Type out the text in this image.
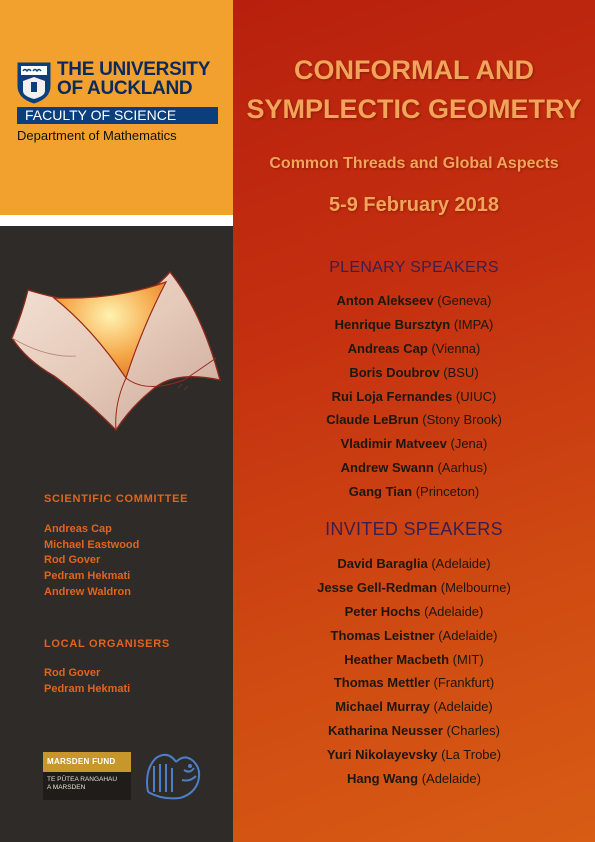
THE UNIVERSITY
OF AUCKLAND
FACULTY OF SCIENCE
Department of Mathematics
SCIENTIFIC COMMITTEE
Andreas Cap
Michael Eastwood
Rod Gover
Pedram Hekmati
Andrew Waldron
LOCAL ORGANISERS
Rod Gover
Pedram Hekmati
MARSDEN FUND
TE PŪTEA RANGAHAU
A MARSDEN
CONFORMAL AND
SYMPLECTIC GEOMETRY
Common Threads and Global Aspects
5-9 February 2018
PLENARY SPEAKERS
Anton Alekseev (Geneva)
Henrique Bursztyn (IMPA)
Andreas Cap (Vienna)
Boris Doubrov (BSU)
Rui Loja Fernandes (UIUC)
Claude LeBrun (Stony Brook)
Vladimir Matveev (Jena)
Andrew Swann (Aarhus)
Gang Tian (Princeton)
INVITED SPEAKERS
David Baraglia (Adelaide)
Jesse Gell-Redman (Melbourne)
Peter Hochs (Adelaide)
Thomas Leistner (Adelaide)
Heather Macbeth (MIT)
Thomas Mettler (Frankfurt)
Michael Murray (Adelaide)
Katharina Neusser (Charles)
Yuri Nikolayevsky (La Trobe)
Hang Wang (Adelaide)
